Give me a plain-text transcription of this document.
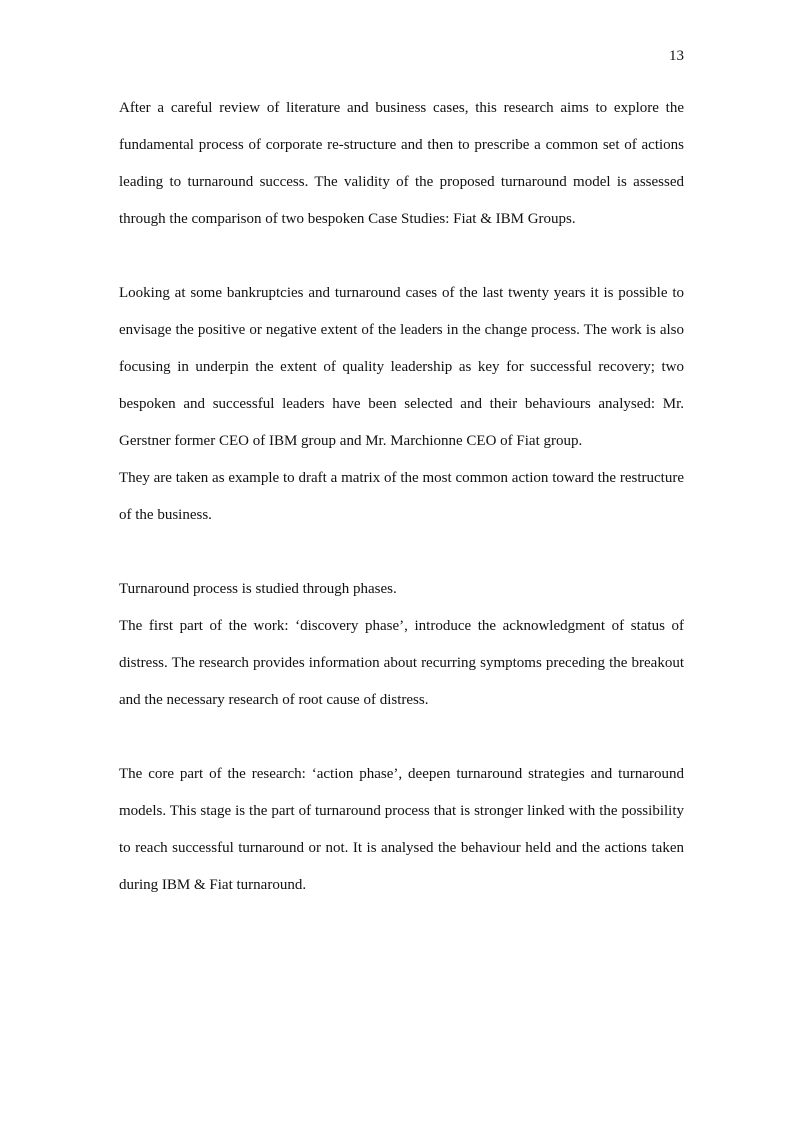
13

After a careful review of literature and business cases, this research aims to explore the fundamental process of corporate re-structure and then to prescribe a common set of actions leading to turnaround success. The validity of the proposed turnaround model is assessed through the comparison of two bespoken Case Studies: Fiat & IBM Groups.

Looking at some bankruptcies and turnaround cases of the last twenty years it is possible to envisage the positive or negative extent of the leaders in the change process. The work is also focusing in underpin the extent of quality leadership as key for successful recovery; two bespoken and successful leaders have been selected and their behaviours analysed: Mr. Gerstner former CEO of IBM group and Mr. Marchionne CEO of Fiat group.

They are taken as example to draft a matrix of the most common action toward the restructure of the business.

Turnaround process is studied through phases.

The first part of the work: ‘discovery phase’, introduce the acknowledgment of status of distress. The research provides information about recurring symptoms preceding the breakout and the necessary research of root cause of distress.

The core part of the research: ‘action phase’, deepen turnaround strategies and turnaround models. This stage is the part of turnaround process that is stronger linked with the possibility to reach successful turnaround or not. It is analysed the behaviour held and the actions taken during IBM & Fiat turnaround.
